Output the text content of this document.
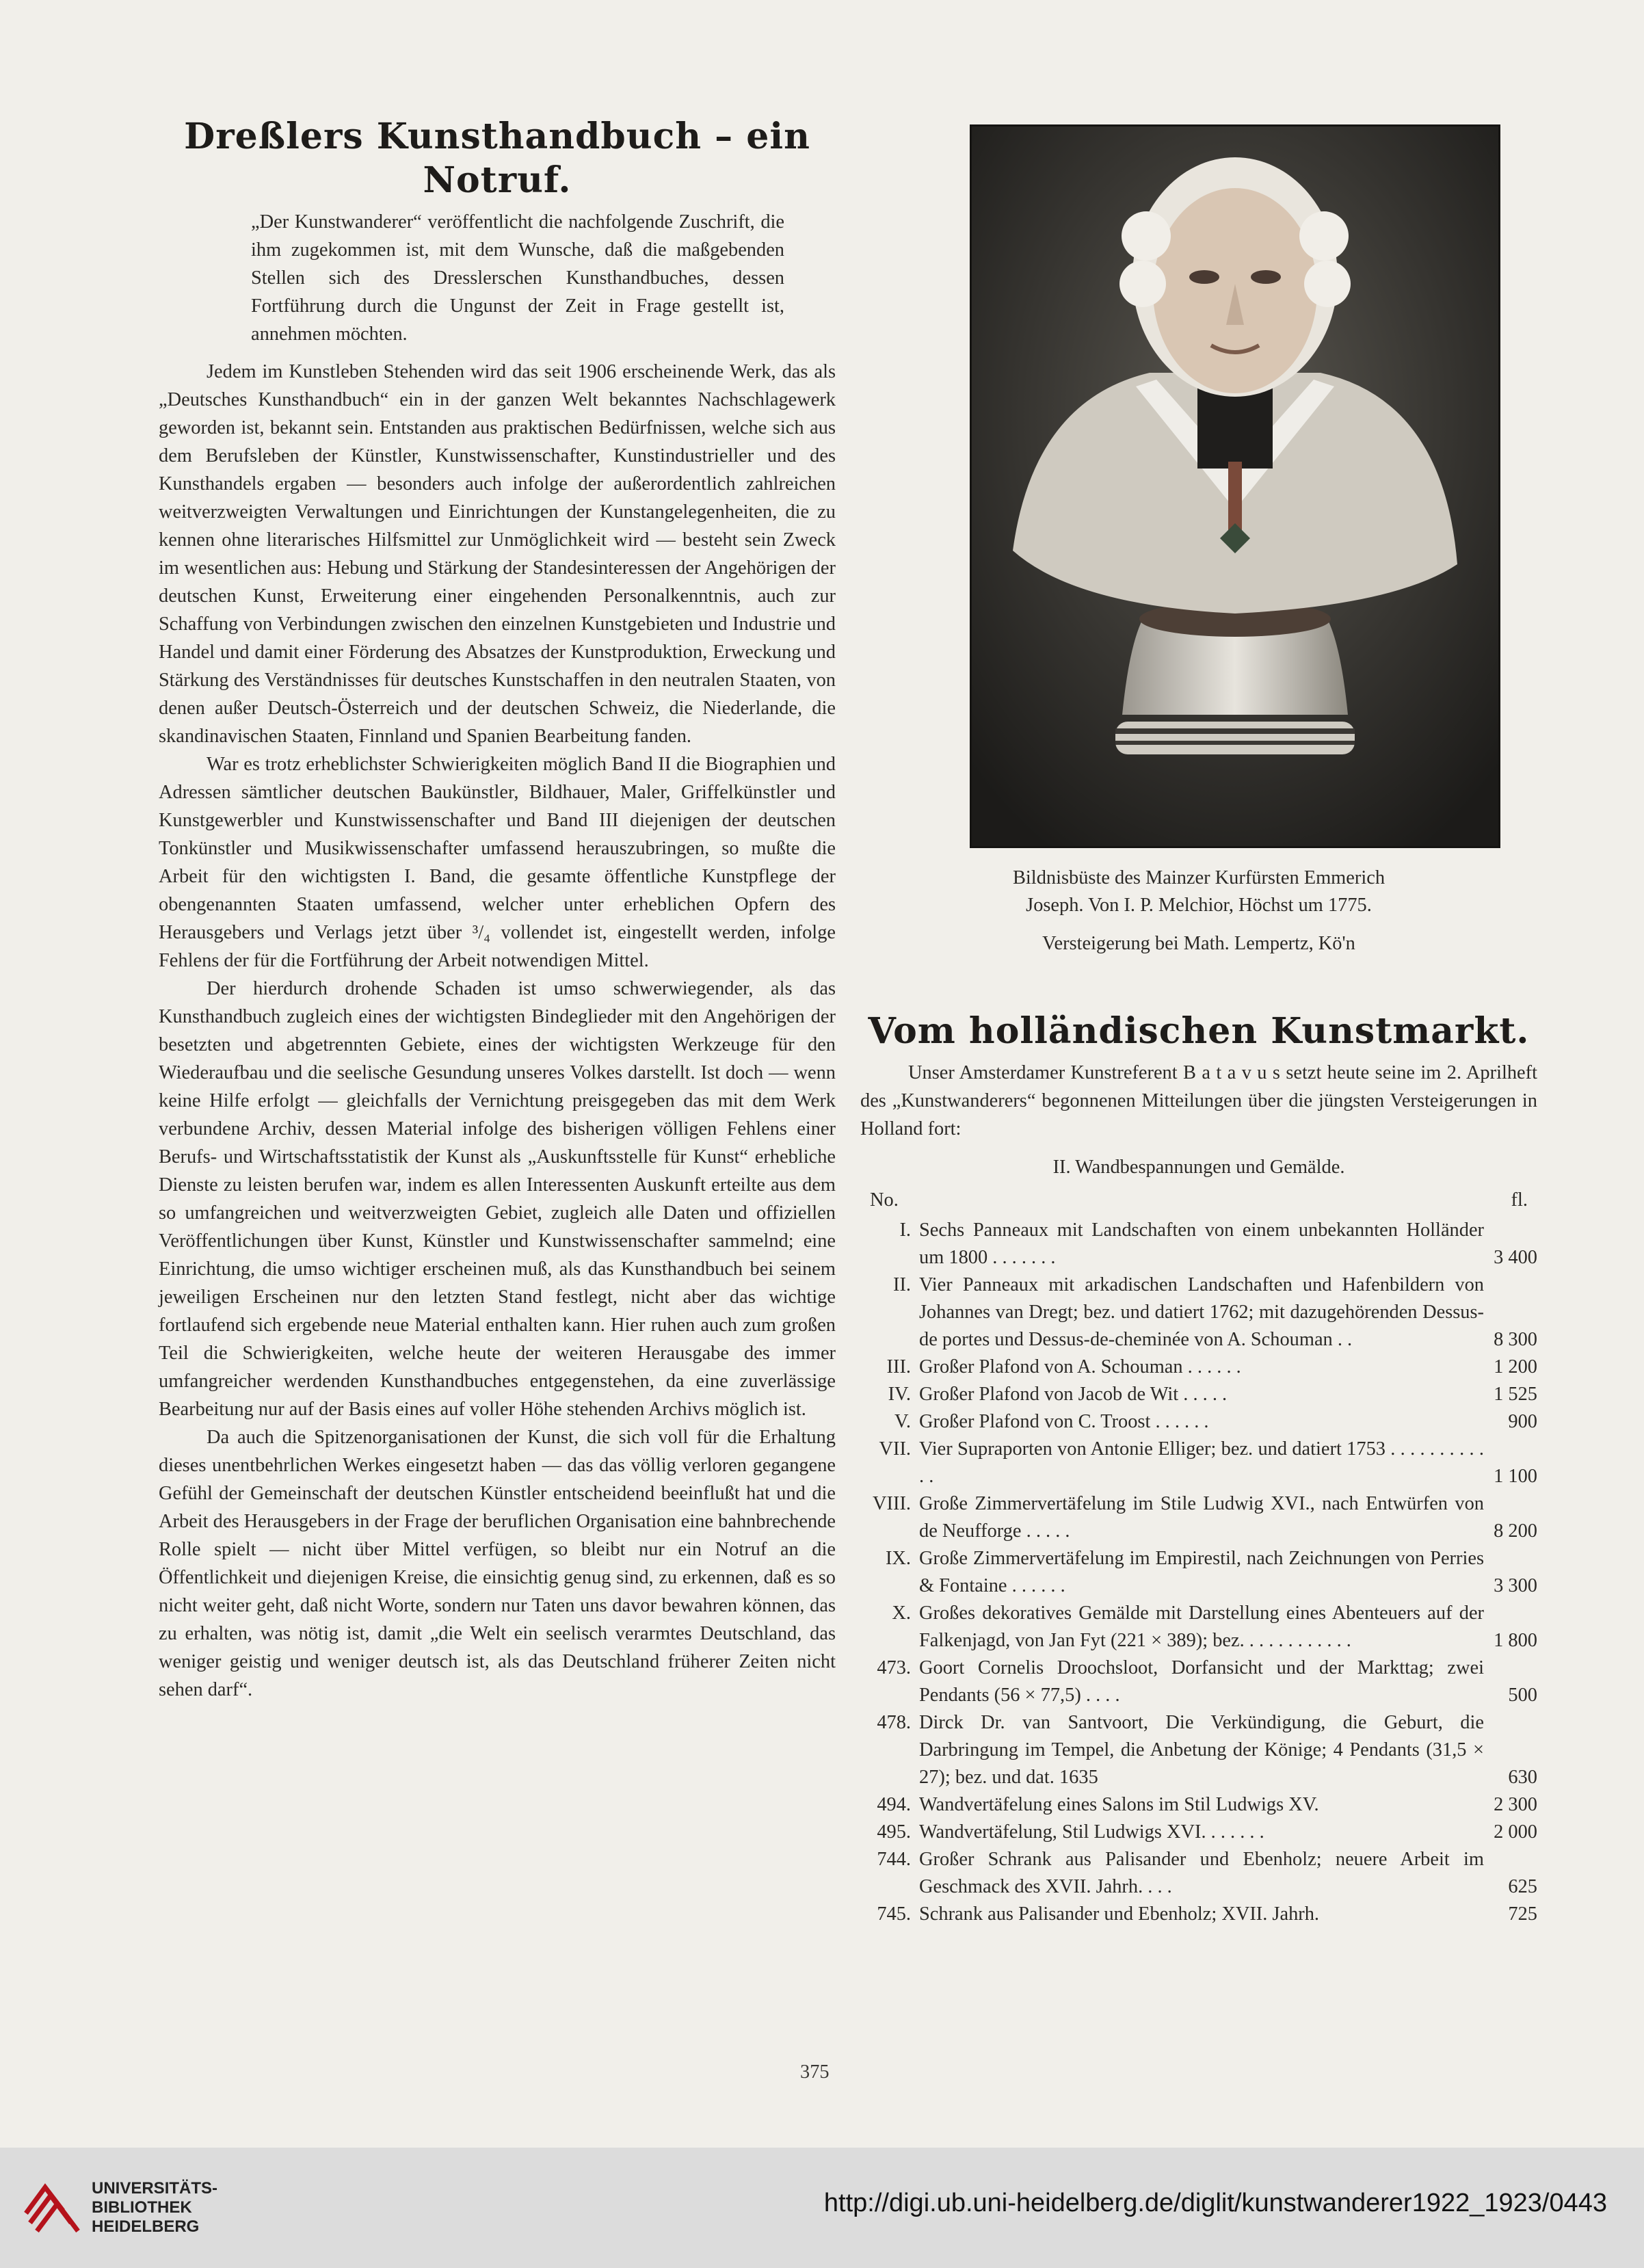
Dreßlers Kunsthandbuch – ein Notruf.

„Der Kunstwanderer“ veröffentlicht die nachfolgende Zuschrift, die ihm zugekommen ist, mit dem Wunsche, daß die maßgebenden Stellen sich des Dresslerschen Kunsthandbuches, dessen Fortführung durch die Ungunst der Zeit in Frage gestellt ist, annehmen möchten.

Jedem im Kunstleben Stehenden wird das seit 1906 erscheinende Werk, das als „Deutsches Kunsthandbuch“ ein in der ganzen Welt bekanntes Nachschlagewerk geworden ist, bekannt sein. Entstanden aus praktischen Bedürfnissen, welche sich aus dem Berufsleben der Künstler, Kunstwissenschafter, Kunstindustrieller und des Kunsthandels ergaben — besonders auch infolge der außerordentlich zahlreichen weitverzweigten Verwaltungen und Einrichtungen der Kunstangelegenheiten, die zu kennen ohne literarisches Hilfsmittel zur Unmöglichkeit wird — besteht sein Zweck im wesentlichen aus: Hebung und Stärkung der Standesinteressen der Angehörigen der deutschen Kunst, Erweiterung einer eingehenden Personalkenntnis, auch zur Schaffung von Verbindungen zwischen den einzelnen Kunstgebieten und Industrie und Handel und damit einer Förderung des Absatzes der Kunstproduktion, Erweckung und Stärkung des Verständnisses für deutsches Kunstschaffen in den neutralen Staaten, von denen außer Deutsch-Österreich und der deutschen Schweiz, die Niederlande, die skandinavischen Staaten, Finnland und Spanien Bearbeitung fanden.

War es trotz erheblichster Schwierigkeiten möglich Band II die Biographien und Adressen sämtlicher deutschen Baukünstler, Bildhauer, Maler, Griffelkünstler und Kunstgewerbler und Kunstwissenschafter und Band III diejenigen der deutschen Tonkünstler und Musikwissenschafter umfassend herauszubringen, so mußte die Arbeit für den wichtigsten I. Band, die gesamte öffentliche Kunstpflege der obengenannten Staaten umfassend, welcher unter erheblichen Opfern des Herausgebers und Verlags jetzt über ³/₄ vollendet ist, eingestellt werden, infolge Fehlens der für die Fortführung der Arbeit notwendigen Mittel.

Der hierdurch drohende Schaden ist umso schwerwiegender, als das Kunsthandbuch zugleich eines der wichtigsten Bindeglieder mit den Angehörigen der besetzten und abgetrennten Gebiete, eines der wichtigsten Werkzeuge für den Wiederaufbau und die seelische Gesundung unseres Volkes darstellt. Ist doch — wenn keine Hilfe erfolgt — gleichfalls der Vernichtung preisgegeben das mit dem Werk verbundene Archiv, dessen Material infolge des bisherigen völligen Fehlens einer Berufs- und Wirtschaftsstatistik der Kunst als „Auskunftsstelle für Kunst“ erhebliche Dienste zu leisten berufen war, indem es allen Interessenten Auskunft erteilte aus dem so umfangreichen und weitverzweigten Gebiet, zugleich alle Daten und offiziellen Veröffentlichungen über Kunst, Künstler und Kunstwissenschafter sammelnd; eine Einrichtung, die umso wichtiger erscheinen muß, als das Kunsthandbuch bei seinem jeweiligen Erscheinen nur den letzten Stand festlegt, nicht aber das wichtige fortlaufend sich ergebende neue Material enthalten kann. Hier ruhen auch zum großen Teil die Schwierigkeiten, welche heute der weiteren Herausgabe des immer umfangreicher werdenden Kunsthandbuches entgegenstehen, da eine zuverlässige Bearbeitung nur auf der Basis eines auf voller Höhe stehenden Archivs möglich ist.

Da auch die Spitzenorganisationen der Kunst, die sich voll für die Erhaltung dieses unentbehrlichen Werkes eingesetzt haben — das das völlig verloren gegangene Gefühl der Gemeinschaft der deutschen Künstler entscheidend beeinflußt hat und die Arbeit des Herausgebers in der Frage der beruflichen Organisation eine bahnbrechende Rolle spielt — nicht über Mittel verfügen, so bleibt nur ein Notruf an die Öffentlichkeit und diejenigen Kreise, die einsichtig genug sind, zu erkennen, daß es so nicht weiter geht, daß nicht Worte, sondern nur Taten uns davor bewahren können, das zu erhalten, was nötig ist, damit „die Welt ein seelisch verarmtes Deutschland, das weniger geistig und weniger deutsch ist, als das Deutschland früherer Zeiten nicht sehen darf“.

Bildnisbüste des Mainzer Kurfürsten Emmerich
Joseph. Von I. P. Melchior, Höchst um 1775.

Versteigerung bei Math. Lempertz, Kö'n

Vom holländischen Kunstmarkt.

Unser Amsterdamer Kunstreferent B a t a v u s setzt heute seine im 2. Aprilheft des „Kunstwanderers“ begonnenen Mitteilungen über die jüngsten Versteigerungen in Holland fort:

II. Wandbespannungen und Gemälde.

No.	fl.
I. Sechs Panneaux mit Landschaften von einem unbekannten Holländer um 1800 . . . . . . .	3 400
II. Vier Panneaux mit arkadischen Landschaften und Hafenbildern von Johannes van Dregt; bez. und datiert 1762; mit dazugehörenden Dessus-de portes und Dessus-de-cheminée von A. Schouman . .	8 300
III. Großer Plafond von A. Schouman . . . . . .	1 200
IV. Großer Plafond von Jacob de Wit . . . . .	1 525
V. Großer Plafond von C. Troost . . . . . .	900
VII. Vier Supraporten von Antonie Elliger; bez. und datiert 1753 . . . . . . . . . . . .	1 100
VIII. Große Zimmervertäfelung im Stile Ludwig XVI., nach Entwürfen von de Neufforge . . . . .	8 200
IX. Große Zimmervertäfelung im Empirestil, nach Zeichnungen von Perries & Fontaine . . . . . .	3 300
X. Großes dekoratives Gemälde mit Darstellung eines Abenteuers auf der Falkenjagd, von Jan Fyt (221 × 389); bez. . . . . . . . . . . .	1 800
473. Goort Cornelis Droochsloot, Dorfansicht und der Markttag; zwei Pendants (56 × 77,5) . . . .	500
478. Dirck Dr. van Santvoort, Die Verkündigung, die Geburt, die Darbringung im Tempel, die Anbetung der Könige; 4 Pendants (31,5 × 27); bez. und dat. 1635	630
494. Wandvertäfelung eines Salons im Stil Ludwigs XV.	2 300
495. Wandvertäfelung, Stil Ludwigs XVI. . . . . . .	2 000
744. Großer Schrank aus Palisander und Ebenholz; neuere Arbeit im Geschmack des XVII. Jahrh. . . .	625
745. Schrank aus Palisander und Ebenholz; XVII. Jahrh.	725
375
UNIVERSITÄTS-
BIBLIOTHEK
HEIDELBERG
http://digi.ub.uni-heidelberg.de/diglit/kunstwanderer1922_1923/0443
